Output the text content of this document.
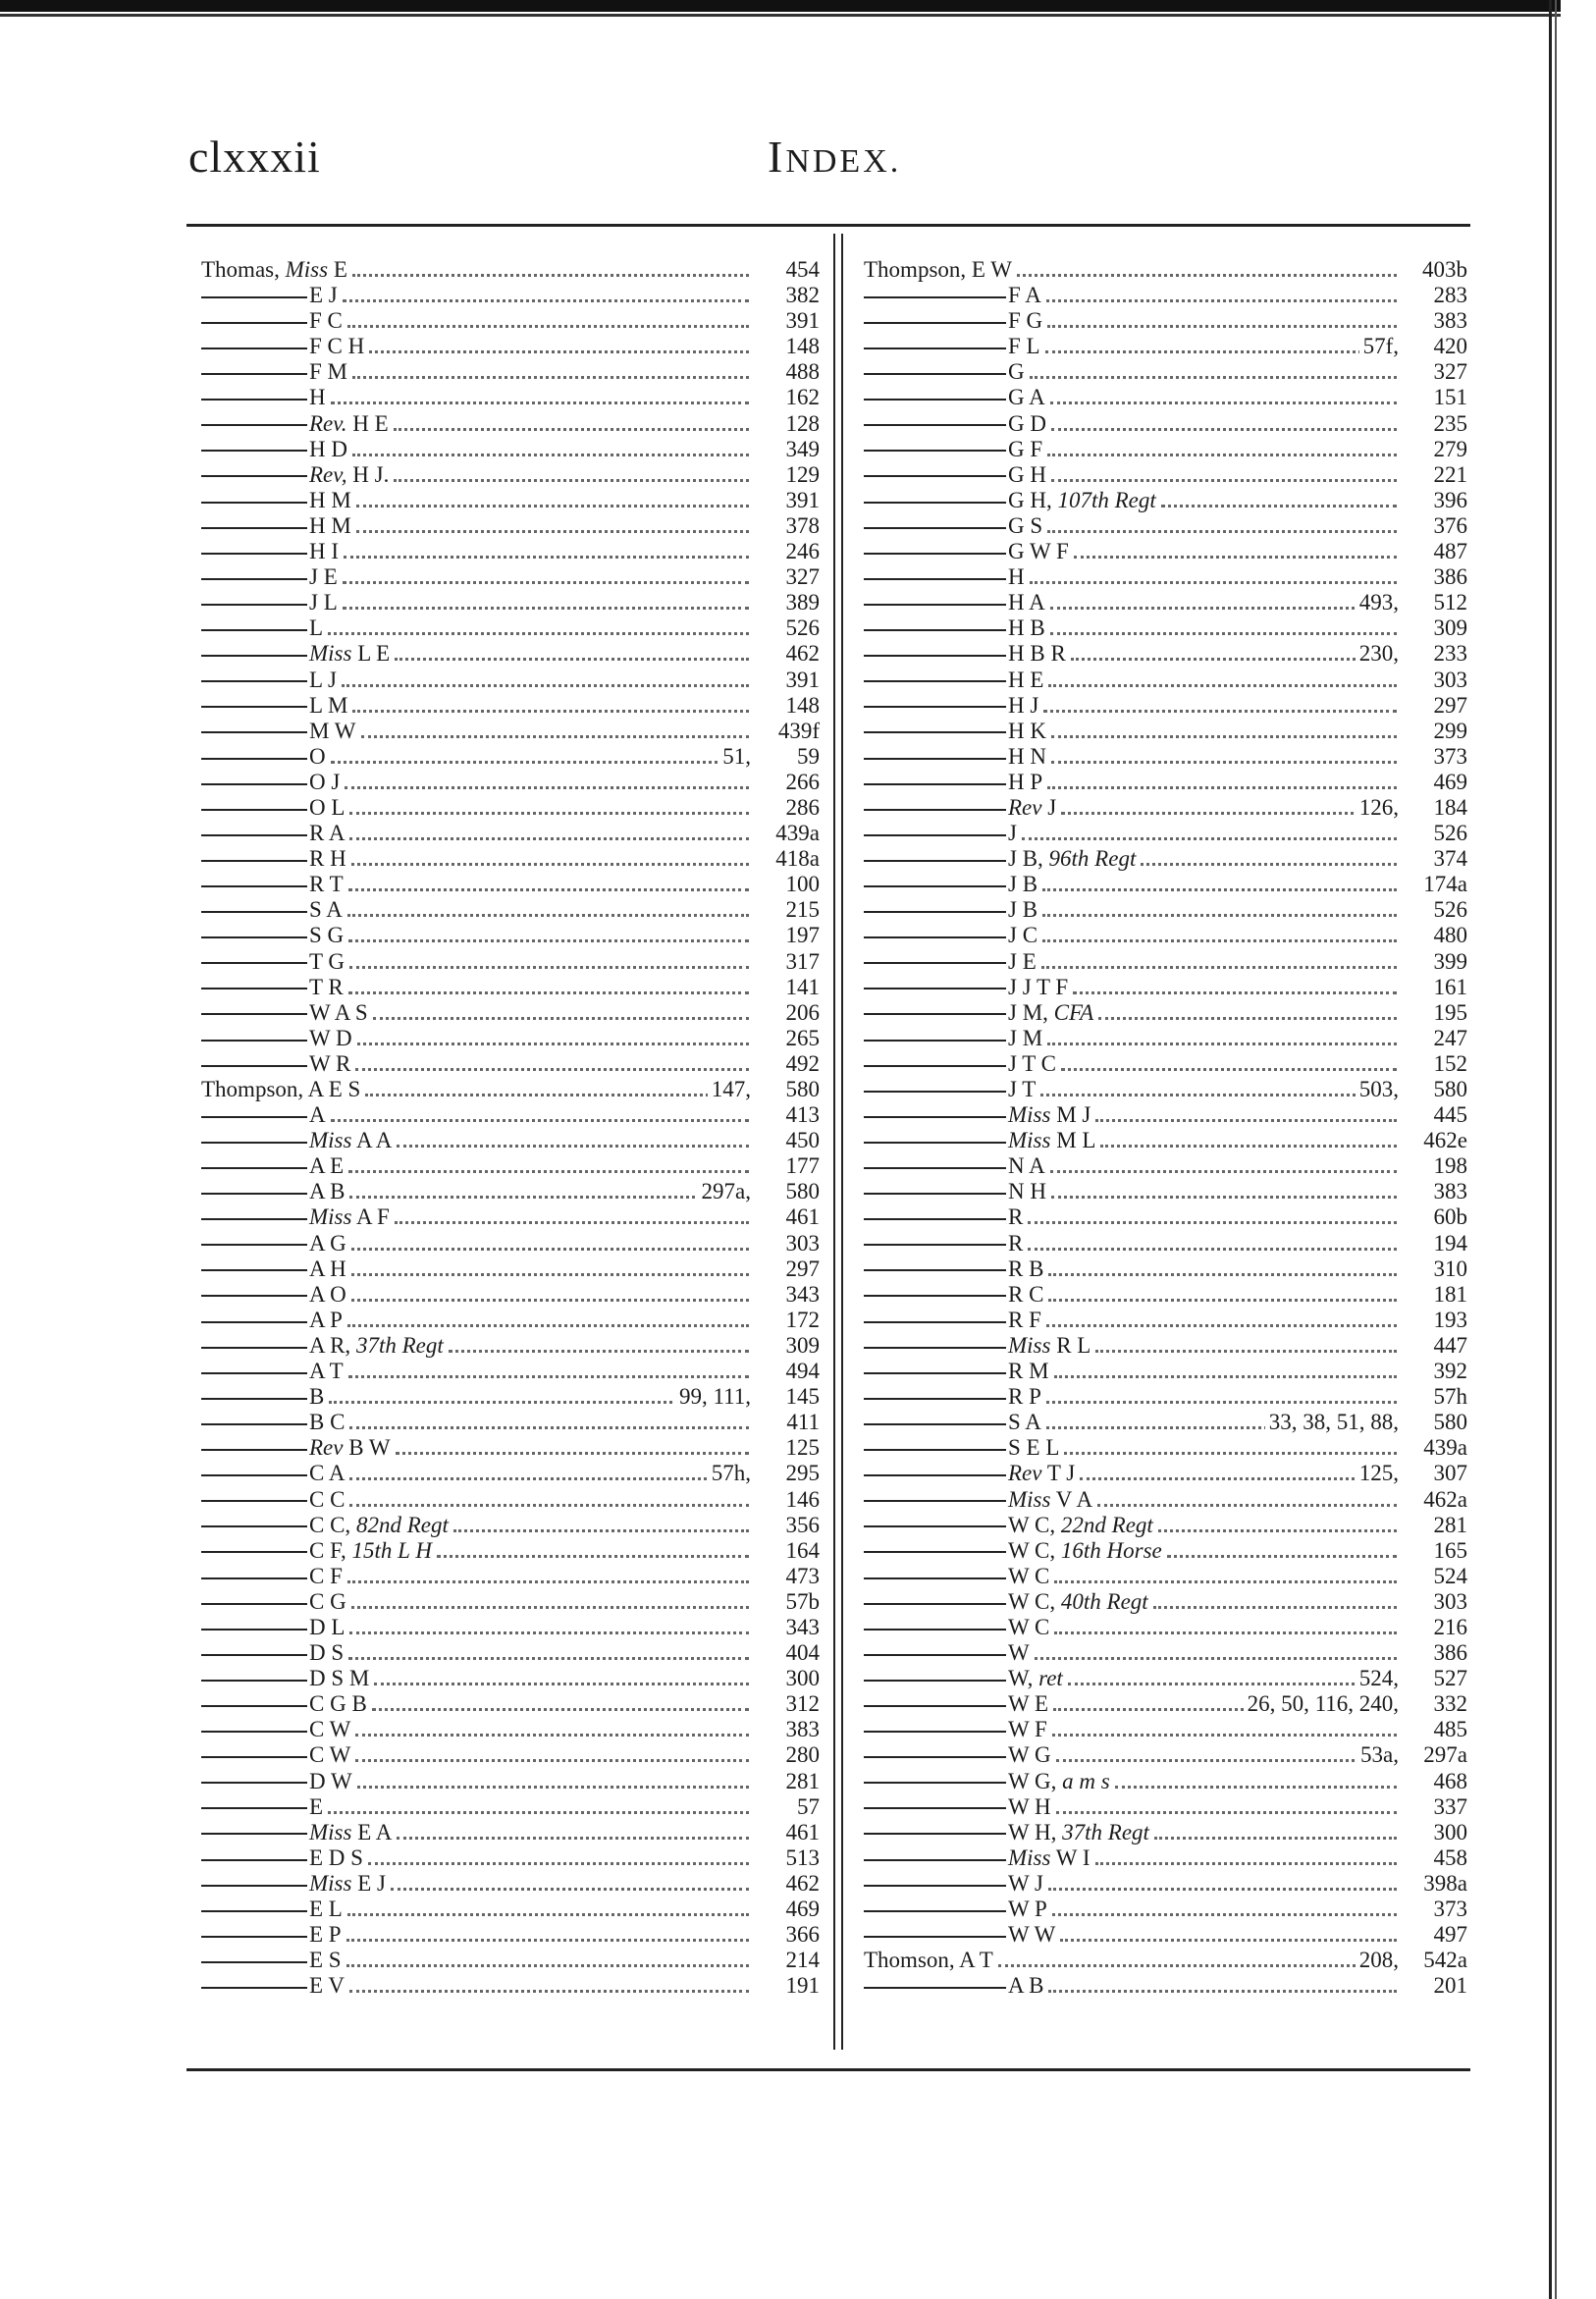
clxxxii	INDEX.
Thomas, Miss E	454
E J	382
F C	391
F C H	148
F M	488
H	162
Rev. H E	128
H D	349
Rev, H J.	129
H M	391
H M	378
H I	246
J E	327
J L	389
L	526
Miss L E	462
L J	391
L M	148
M W	439f
O	51,	59
O J	266
O L	286
R A	439a
R H	418a
R T	100
S A	215
S G	197
T G	317
T R	141
W A S	206
W D	265
W R	492
Thompson, A E S	147,	580
A	413
Miss A A	450
A E	177
A B	297a,	580
Miss A F	461
A G	303
A H	297
A O	343
A P	172
A R, 37th Regt	309
A T	494
B	99, 111,	145
B C	411
Rev B W	125
C A	57h,	295
C C	146
C C, 82nd Regt	356
C F, 15th L H	164
C F	473
C G	57b
D L	343
D S	404
D S M	300
C G B	312
C W	383
C W	280
D W	281
E	57
Miss E A	461
E D S	513
Miss E J	462
E L	469
E P	366
E S	214
E V	191
Thompson, E W	403b
F A	283
F G	383
F L	57f,	420
G	327
G A	151
G D	235
G F	279
G H	221
G H, 107th Regt	396
G S	376
G W F	487
H	386
H A	493,	512
H B	309
H B R	230,	233
H E	303
H J	297
H K	299
H N	373
H P	469
Rev J	126,	184
J	526
J B, 96th Regt	374
J B	174a
J B	526
J C	480
J E	399
J J T F	161
J M, CFA	195
J M	247
J T C	152
J T	503,	580
Miss M J	445
Miss M L	462e
N A	198
N H	383
R	60b
R	194
R B	310
R C	181
R F	193
Miss R L	447
R M	392
R P	57h
S A	33, 38, 51, 88,	580
S E L	439a
Rev T J	125,	307
Miss V A	462a
W C, 22nd Regt	281
W C, 16th Horse	165
W C	524
W C, 40th Regt	303
W C	216
W	386
W, ret	524,	527
W E	26, 50, 116, 240,	332
W F	485
W G	53a,	297a
W G, a m s	468
W H	337
W H, 37th Regt	300
Miss W I	458
W J	398a
W P	373
W W	497
Thomson, A T	208,	542a
A B	201
